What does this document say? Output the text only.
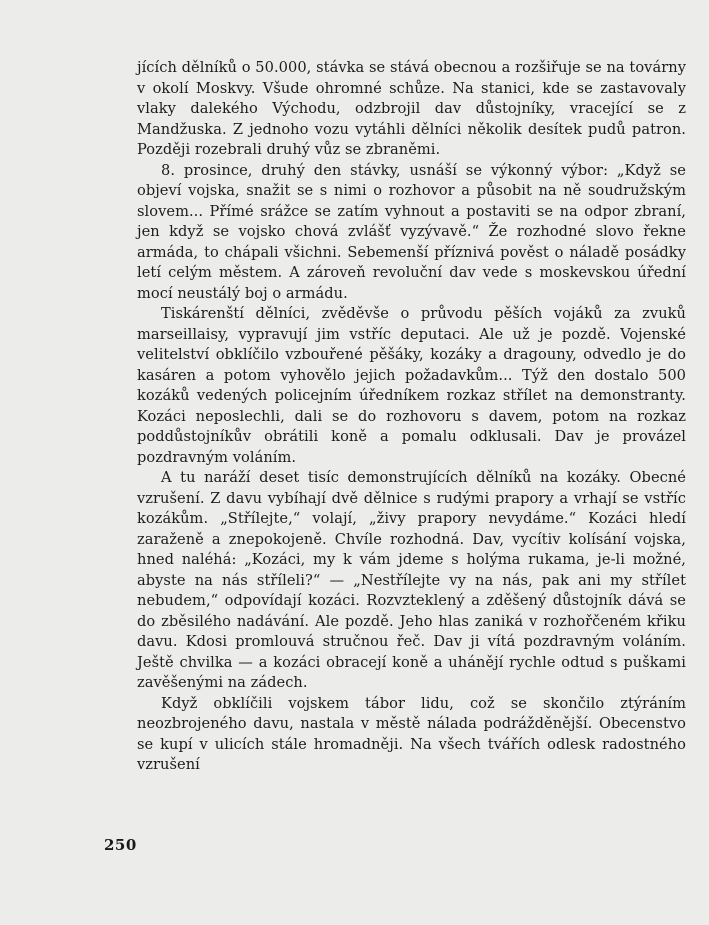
jících dělníků o 50.000, stávka se stává obecnou a rozšiřuje se na továrny v okolí Moskvy. Všude ohromné schůze. Na stanici, kde se zastavovaly vlaky dalekého Východu, odzbrojil dav důstojníky, vracející se z Mandžuska. Z jednoho vozu vytáhli dělníci několik desítek pudů patron. Později rozebrali druhý vůz se zbraněmi.

8. prosince, druhý den stávky, usnáší se výkonný výbor: „Když se objeví vojska, snažit se s nimi o rozhovor a působit na ně soudružským slovem... Přímé srážce se zatím vyhnout a postaviti se na odpor zbraní, jen když se vojsko chová zvlášť vyzývavě.“ Že rozhodné slovo řekne armáda, to chápali všichni. Sebemenší příznivá pověst o náladě posádky letí celým městem. A zároveň revoluční dav vede s moskevskou úřední mocí neustálý boj o armádu.

Tiskárenští dělníci, zvěděvše o průvodu pěších vojáků za zvuků marseillaisy, vypravují jim vstříc deputaci. Ale už je pozdě. Vojenské velitelství obklíčilo vzbouřené pěšáky, kozáky a dragouny, odvedlo je do kasáren a potom vyhovělo jejich požadavkům... Týž den dostalo 500 kozáků vedených policejním úředníkem rozkaz střílet na demonstranty. Kozáci neposlechli, dali se do rozhovoru s davem, potom na rozkaz poddůstojníkův obrátili koně a pomalu odklusali. Dav je provázel pozdravným voláním.

A tu naráží deset tisíc demonstrujících dělníků na kozáky. Obecné vzrušení. Z davu vybíhají dvě dělnice s rudými prapory a vrhají se vstříc kozákům. „Střílejte,“ volají, „živy prapory nevydáme.“ Kozáci hledí zaraženě a znepokojeně. Chvíle rozhodná. Dav, vycítiv kolísání vojska, hned naléhá: „Kozáci, my k vám jdeme s holýma rukama, je-li možné, abyste na nás stříleli?“ — „Nestřílejte vy na nás, pak ani my střílet nebudem,“ odpovídají kozáci. Rozvzteklený a zděšený důstojník dává se do zběsilého nadávání. Ale pozdě. Jeho hlas zaniká v rozhořčeném křiku davu. Kdosi promlouvá stručnou řeč. Dav ji vítá pozdravným voláním. Ještě chvilka — a kozáci obracejí koně a uhánějí rychle odtud s puškami zavěšenými na zádech.

Když obklíčili vojskem tábor lidu, což se skončilo ztýráním neozbrojeného davu, nastala v městě nálada podrážděnější. Obecenstvo se kupí v ulicích stále hromadněji. Na všech tvářích odlesk radostného vzrušení

250
